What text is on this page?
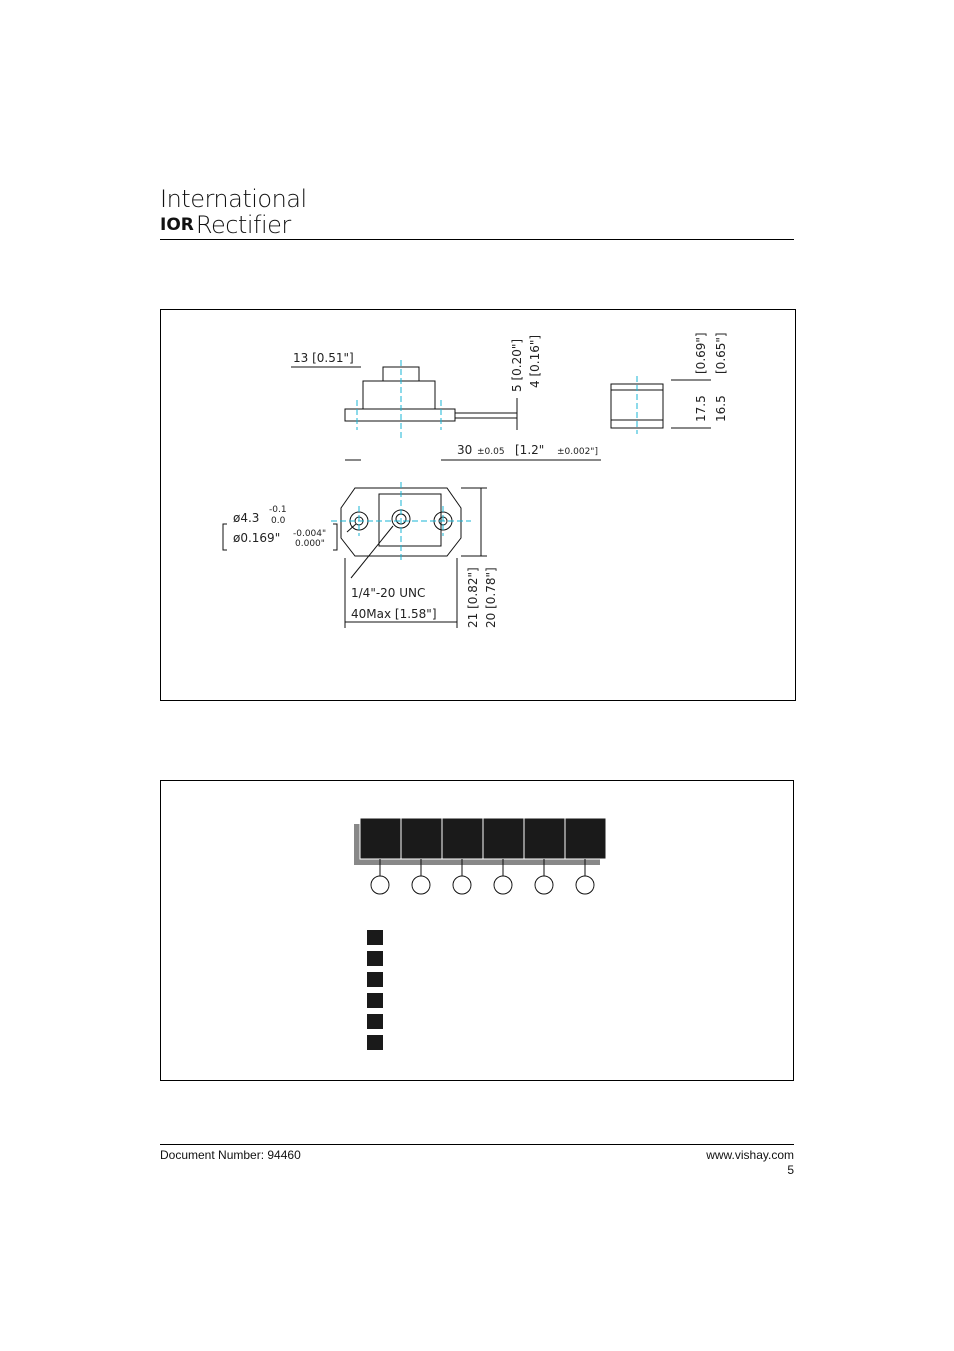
International
IOR Rectifier
13 [0.51"]
30 ±0.05 [1.2" ±0.002"]
5 [0.20"] 4 [0.16"]	[0.69"] [0.65"]
17.5 16.5
ø4.3
-0.1
0.0
ø0.169" -0.004"
0.000"
1/4"-20 UNC
40Max [1.58"] 21 [0.82"] 20 [0.78"]
Document Number: 94460	www.vishay.com
5
